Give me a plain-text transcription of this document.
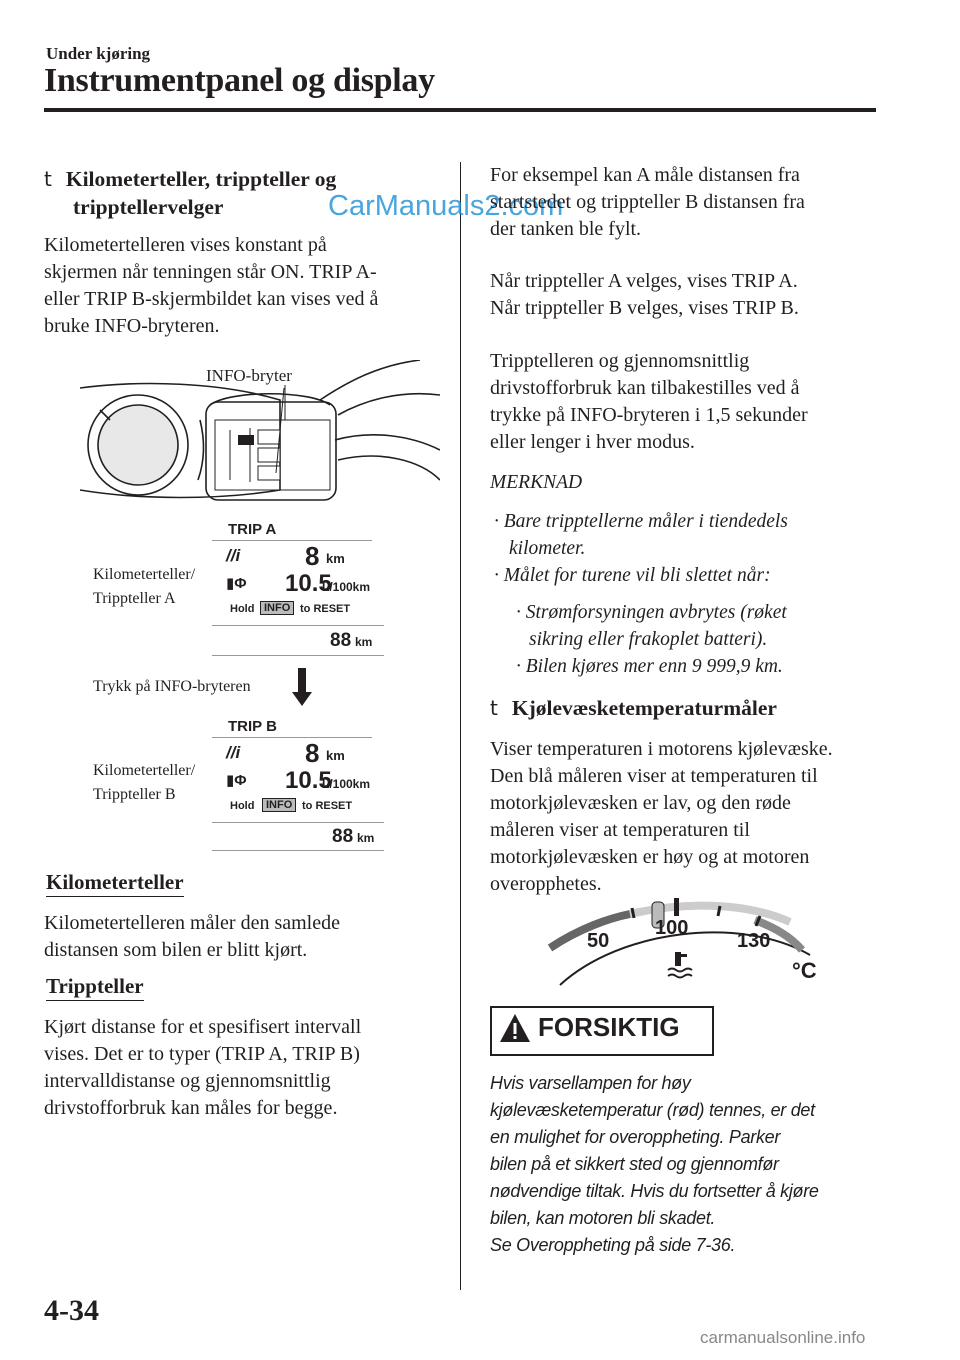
Under kjøring
Instrumentpanel og display
t Kilometerteller, trippteller og
tripptellervelger	CarManuals2.com
Kilometertelleren vises konstant på
skjermen når tenningen står ON. TRIP A-
eller TRIP B-skjermbildet kan vises ved å
bruke INFO-bryteren.
INFO-bryter
TRIP A
//i 8 km
▮Φ 10.5
L/100km
Hold INFO to RESET
88 km
Kilometerteller/
Trippteller A
Trykk på INFO-bryteren
TRIP B
//i 8 km
▮Φ 10.5
L/100km
Hold	INFO to RESET
88 km
Kilometerteller/
Trippteller B
Kilometerteller
Kilometertelleren måler den samlede
distansen som bilen er blitt kjørt.
Trippteller
Kjørt distanse for et spesifisert intervall
vises. Det er to typer (TRIP A, TRIP B)
intervalldistanse og gjennomsnittlig
drivstofforbruk kan måles for begge.
For eksempel kan A måle distansen fra
startstedet og trippteller B distansen fra
der tanken ble fylt.
Når trippteller A velges, vises TRIP A.
Når trippteller B velges, vises TRIP B.
Tripptelleren og gjennomsnittlig
drivstofforbruk kan tilbakestilles ved å
trykke på INFO-bryteren i 1,5 sekunder
eller lenger i hver modus.
MERKNAD
· Bare tripptellerne måler i tiendedels
kilometer.
· Målet for turene vil bli slettet når:
· Strømforsyningen avbrytes (røket
sikring eller frakoplet batteri).
· Bilen kjøres mer enn 9 999,9 km.
t Kjølevæsketemperaturmåler
Viser temperaturen i motorens kjølevæske.
Den blå måleren viser at temperaturen til
motorkjølevæsken er lav, og den røde
måleren viser at temperaturen til
motorkjølevæsken er høy og at motoren
overopphetes.
50
100
130
°C
FORSIKTIG
Hvis varsellampen for høy
kjølevæsketemperatur (rød) tennes, er det
en mulighet for overoppheting. Parker
bilen på et sikkert sted og gjennomfør
nødvendige tiltak. Hvis du fortsetter å kjøre
bilen, kan motoren bli skadet.
Se Overoppheting på side 7-36.
4-34
carmanualsonline.info
